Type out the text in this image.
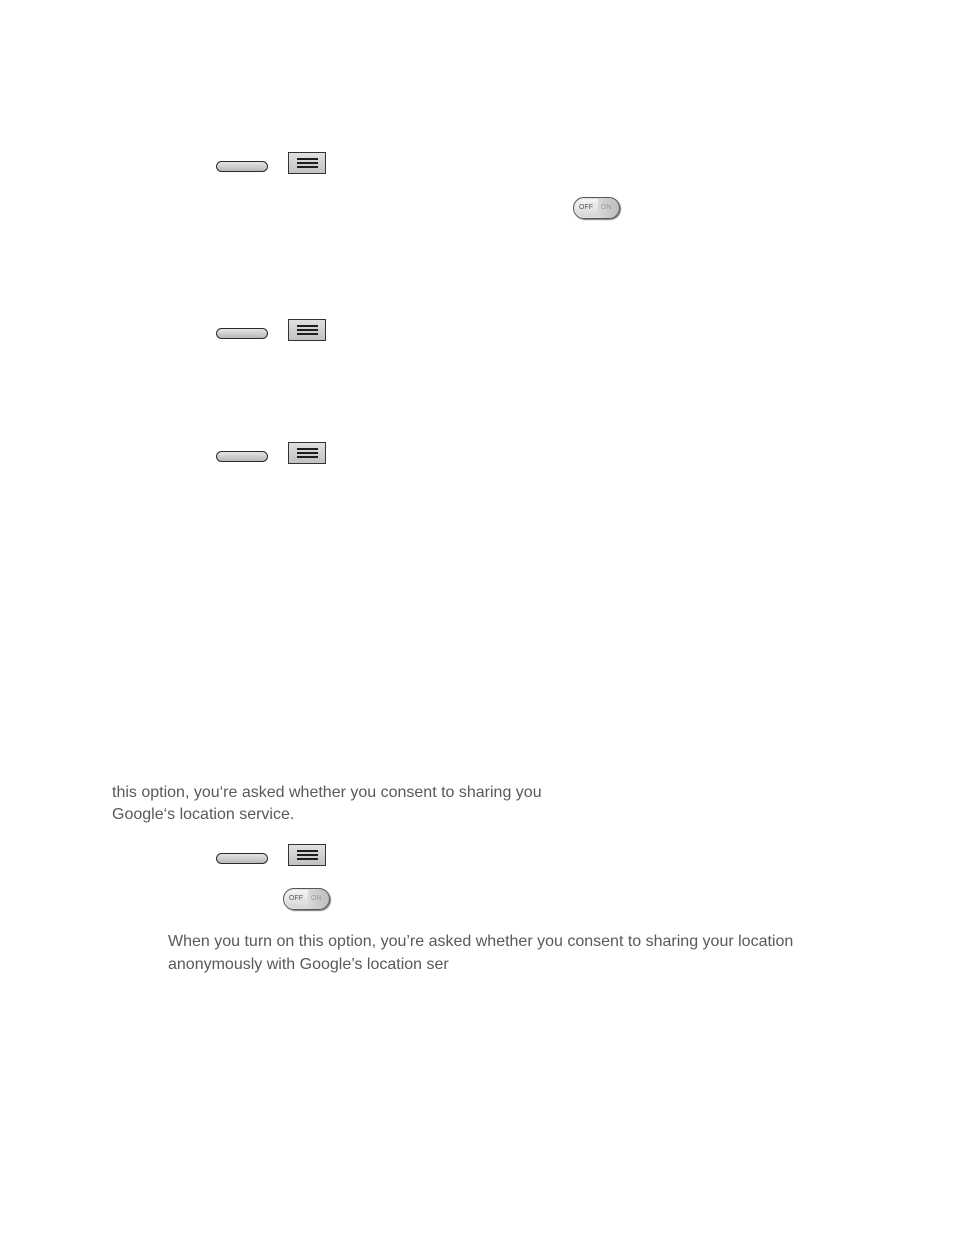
OFF ON
this option, you‘re asked whether you consent to sharing you
Google‘s location service.
OFF ON
When you turn on this option, you’re asked whether you consent to sharing your location
anonymously with Google’s location ser
